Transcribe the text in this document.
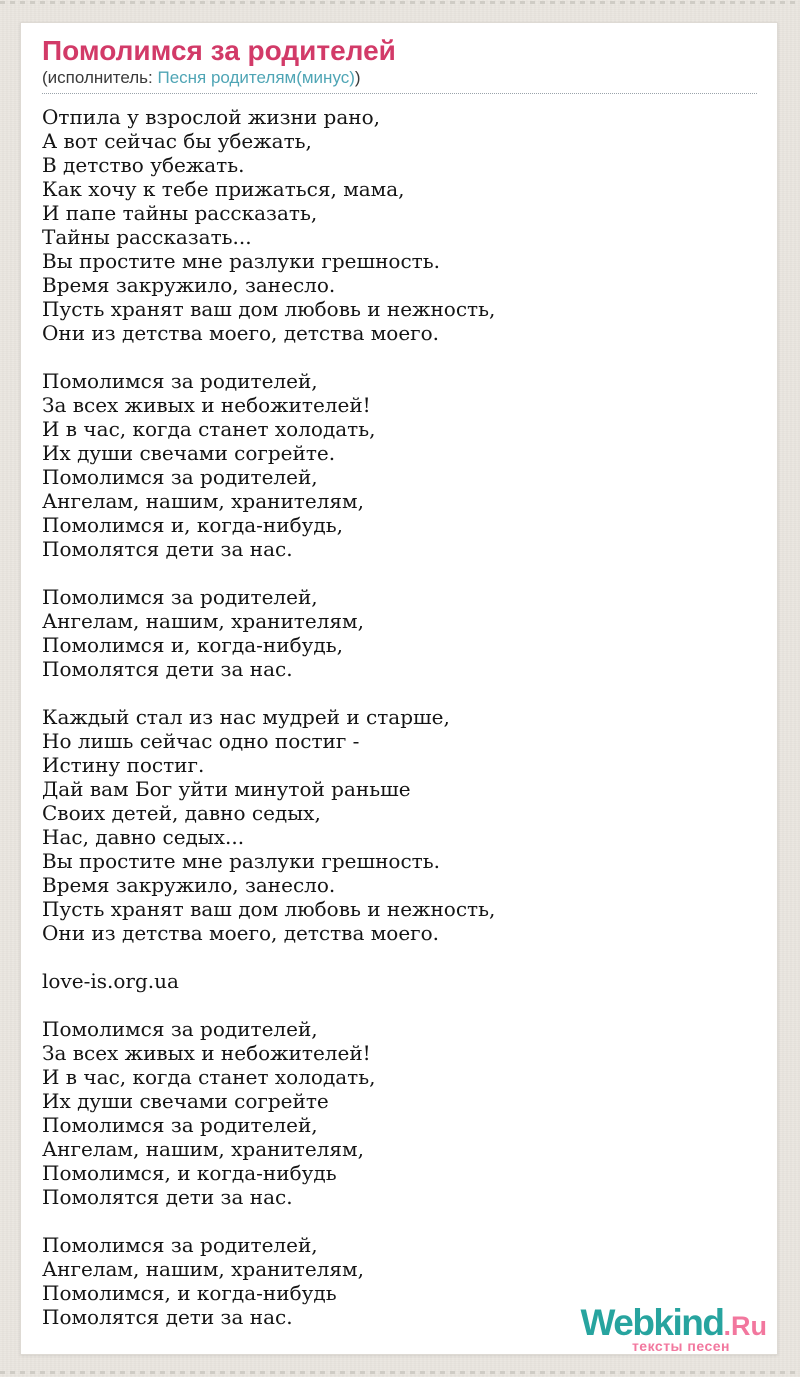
Помолимся за родителей
(исполнитель: Песня родителям(минус))
Отпила у взрослой жизни рано,
А вот сейчас бы убежать,
В детство убежать.
Как хочу к тебе прижаться, мама,
И папе тайны рассказать,
Тайны рассказать...
Вы простите мне разлуки грешность.
Время закружило, занесло.
Пусть хранят ваш дом любовь и нежность,
Они из детства моего, детства моего.
Помолимся за родителей,
За всех живых и небожителей!
И в час, когда станет холодать,
Их души свечами согрейте.
Помолимся за родителей,
Ангелам, нашим, хранителям,
Помолимся и, когда-нибудь,
Помолятся дети за нас.
Помолимся за родителей,
Ангелам, нашим, хранителям,
Помолимся и, когда-нибудь,
Помолятся дети за нас.
Каждый стал из нас мудрей и старше,
Но лишь сейчас одно постиг -
Истину постиг.
Дай вам Бог уйти минутой раньше
Своих детей, давно седых,
Нас, давно седых...
Вы простите мне разлуки грешность.
Время закружило, занесло.
Пусть хранят ваш дом любовь и нежность,
Они из детства моего, детства моего.
love-is.org.ua
Помолимся за родителей,
За всех живых и небожителей!
И в час, когда станет холодать,
Их души свечами согрейте
Помолимся за родителей,
Ангелам, нашим, хранителям,
Помолимся, и когда-нибудь
Помолятся дети за нас.
Помолимся за родителей,
Ангелам, нашим, хранителям,
Помолимся, и когда-нибудь
Помолятся дети за нас.	Webkind.Ru
тексты песен
